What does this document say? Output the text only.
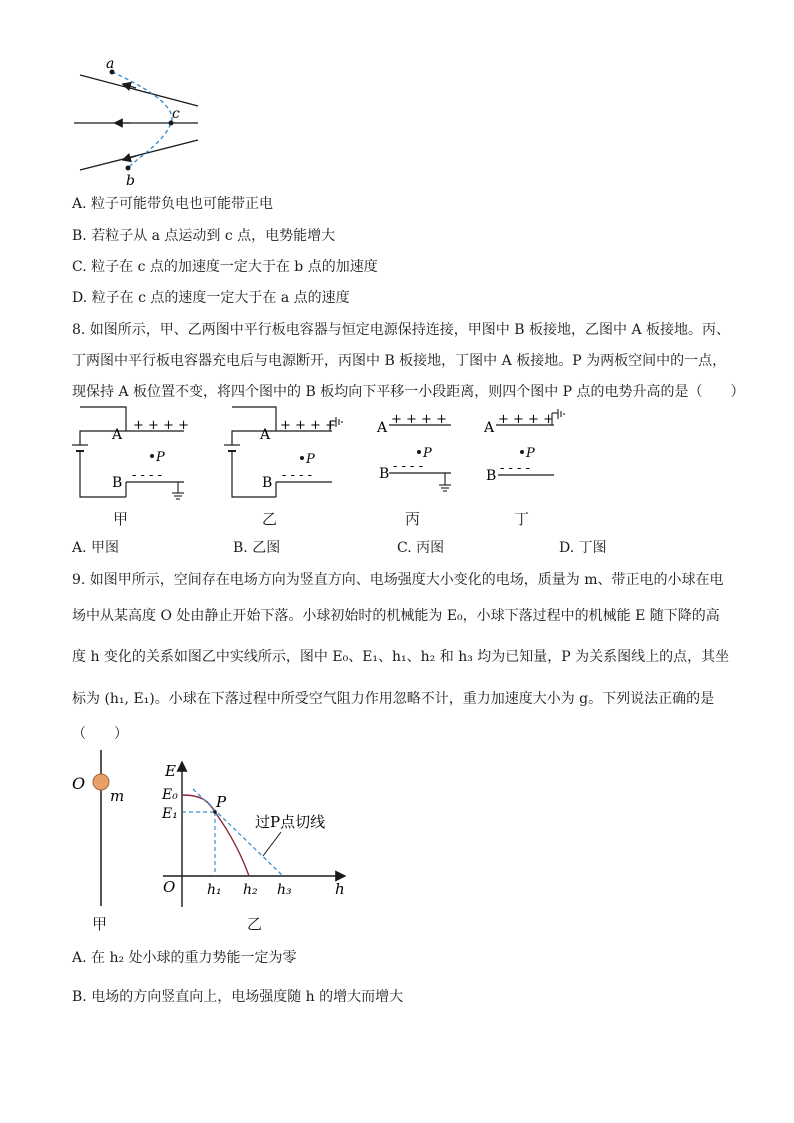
a
c
b
A. 粒子可能带负电也可能带正电
B. 若粒子从 a 点运动到 c 点，电势能增大
C. 粒子在 c 点的加速度一定大于在 b 点的加速度
D. 粒子在 c 点的速度一定大于在 a 点的速度
8. 如图所示，甲、乙两图中平行板电容器与恒定电源保持连接，甲图中 B 板接地，乙图中 A 板接地。丙、
丁两图中平行板电容器充电后与电源断开，丙图中 B 板接地，丁图中 A 板接地。P 为两板空间中的一点，
现保持 A 板位置不变，将四个图中的 B 板均向下平移一小段距离，则四个图中 P 点的电势升高的是（　　）
+ + + +
A
P
- - - -
B
甲
+ + + +
A
P
- - - -
B
乙
+ + + +
A
P
- - - -
B
丙
+ + + +
A
P
- - - -
B
丁
A. 甲图	B. 乙图	C. 丙图	D. 丁图
9. 如图甲所示，空间存在电场方向为竖直方向、电场强度大小变化的电场，质量为 m、带正电的小球在电
场中从某高度 O 处由静止开始下落。小球初始时的机械能为 E₀，小球下落过程中的机械能 E 随下降的高
度 h 变化的关系如图乙中实线所示，图中 E₀、E₁、h₁、h₂ 和 h₃ 均为已知量，P 为关系图线上的点，其坐
标为 (h₁, E₁)。小球在下落过程中所受空气阻力作用忽略不计，重力加速度大小为 g。下列说法正确的是
（　　）
O
m
甲
E
h
O
E₀
E₁
P
h₁ h₂ h₃
过P点切线
乙
A. 在 h₂ 处小球的重力势能一定为零
B. 电场的方向竖直向上，电场强度随 h 的增大而增大
